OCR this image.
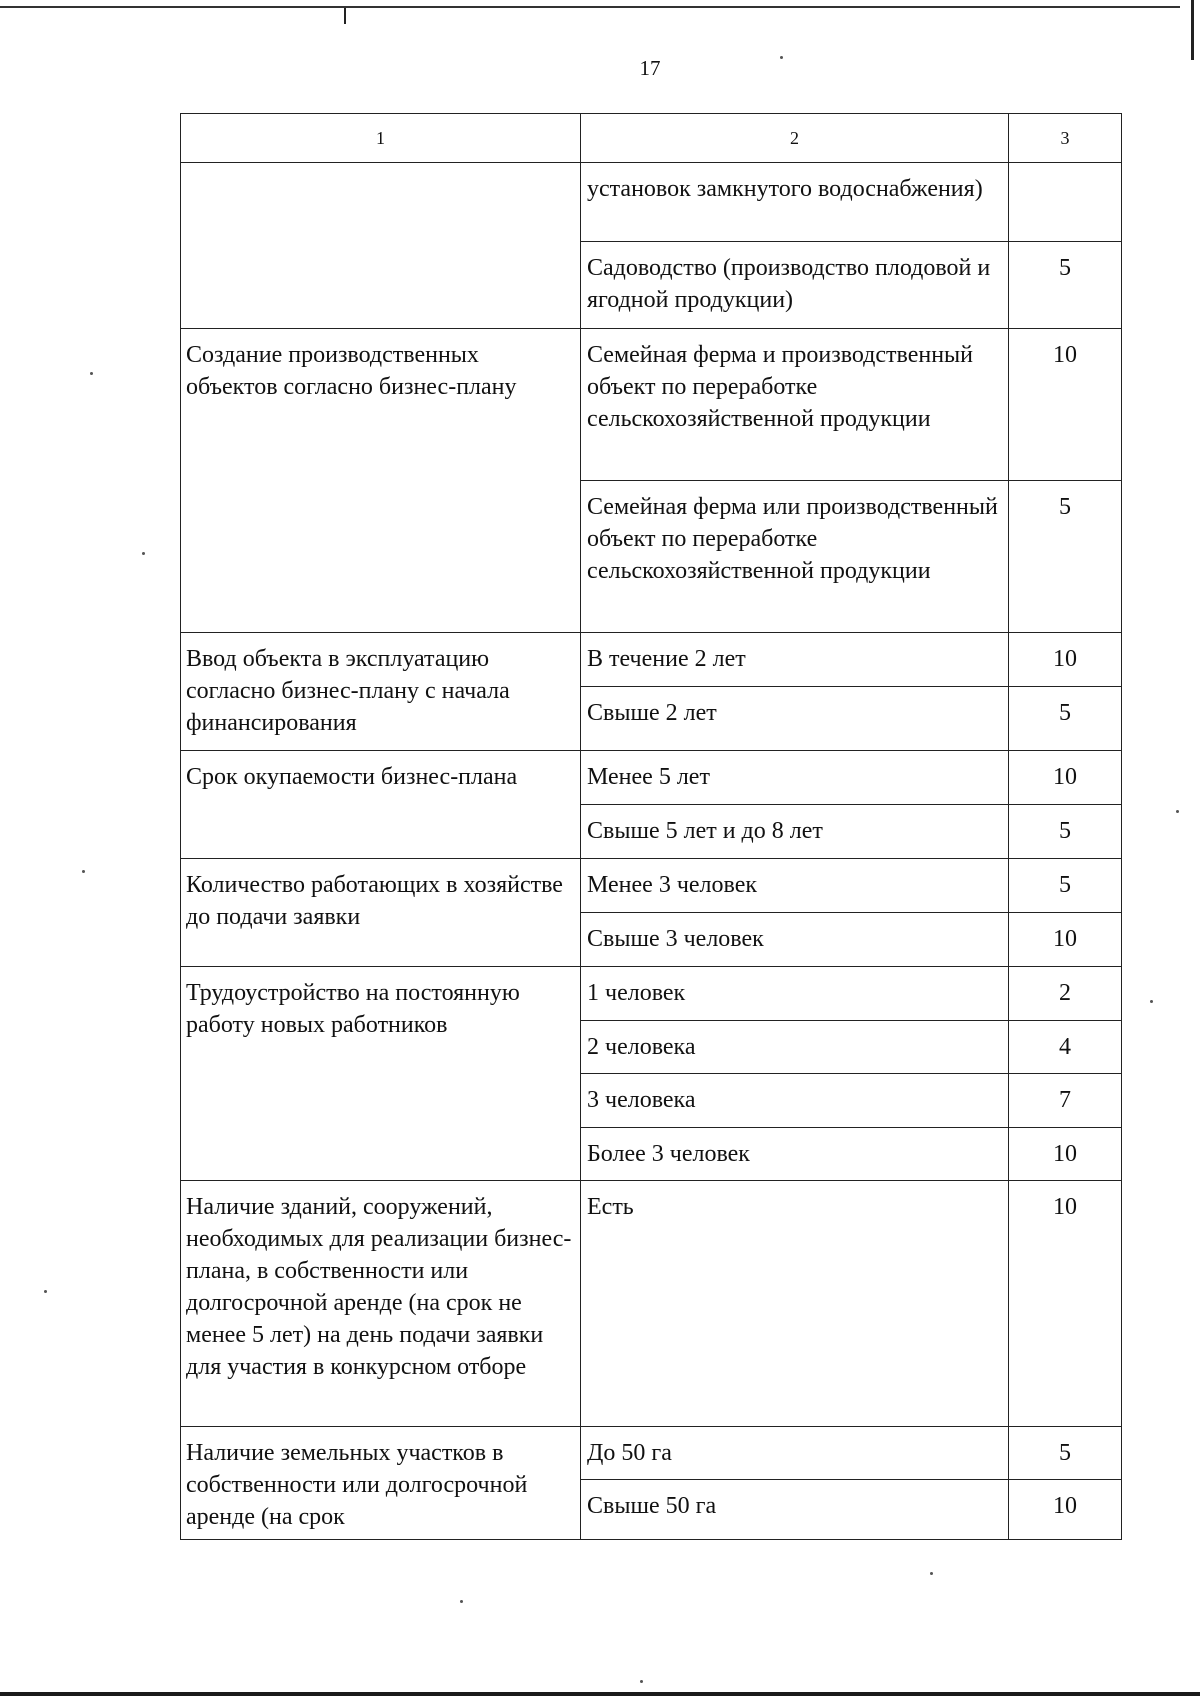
17
1	2	3
	установок замкнутого водоснабжения)	
	Садоводство (производство плодовой и ягодной продукции)	5
Создание производственных объектов согласно бизнес-плану	Семейная ферма и производственный объект по переработке сельскохозяйственной продукции	10
	Семейная ферма или производственный объект по переработке сельскохозяйственной продукции	5
Ввод объекта в эксплуатацию согласно бизнес-плану с начала финансирования	В течение 2 лет	10
	Свыше 2 лет	5
Срок окупаемости бизнес-плана	Менее 5 лет	10
	Свыше 5 лет и до 8 лет	5
Количество работающих в хозяйстве до подачи заявки	Менее 3 человек	5
	Свыше 3 человек	10
Трудоустройство на постоянную работу новых работников	1 человек	2
	2 человека	4
	3 человека	7
	Более 3 человек	10
Наличие зданий, сооружений, необходимых для реализации бизнес-плана, в собственности или долгосрочной аренде (на срок не менее 5 лет) на день подачи заявки для участия в конкурсном отборе	Есть	10
Наличие земельных участков в собственности или долгосрочной аренде (на срок	До 50 га	5
	Свыше 50 га	10
